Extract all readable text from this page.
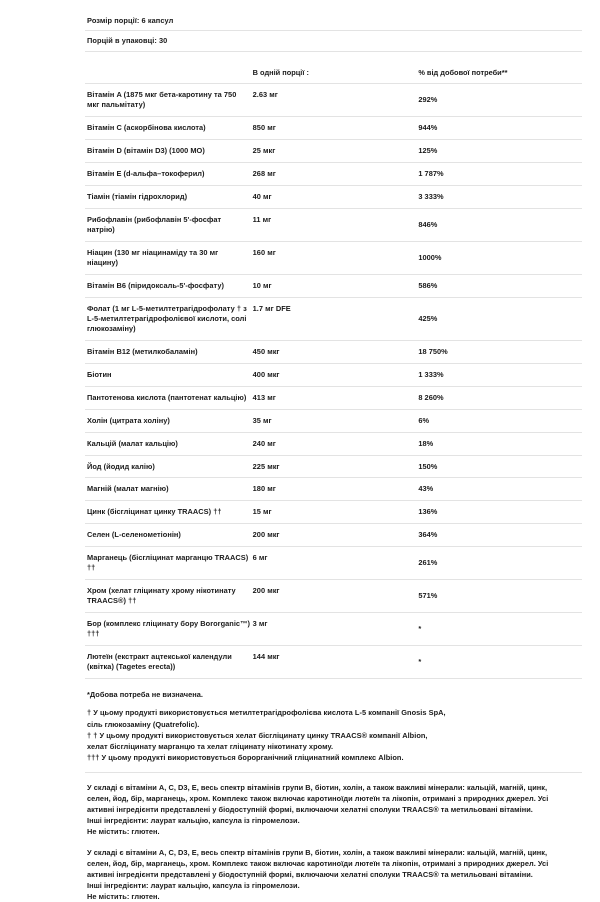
Розмір порції: 6 капсул		
Порцій в упаковці: 30		

	В одній порції :	% від добової потреби**
Вітамін A (1875 мкг бета-каротину та 750 мкг пальмітату)	2.63 мг	292%
Вітамін C (аскорбінова кислота)	850 мг	944%
Вітамін D (вітамін D3) (1000 МО)	25 мкг	125%
Вітамін E (d-альфа–токоферил)	268 мг	1 787%
Тіамін (тіамін гідрохлорид)	40 мг	3 333%
Рибофлавін (рибофлавін 5'-фосфат натрію)	11 мг	846%
Ніацин (130 мг ніацинаміду та 30 мг ніацину)	160 мг	1000%
Вітамін B6 (піридоксаль-5'-фосфату)	10 мг	586%
Фолат (1 мг L-5-метилтетрагідрофолату † з L-5-метилтетрагідрофолієвої кислоти, солі глюкозаміну)	1.7 мг DFE	425%
Вітамін B12 (метилкобаламін)	450 мкг	18 750%
Біотин	400 мкг	1 333%
Пантотенова кислота (пантотенат кальцію)	413 мг	8 260%
Холін (цитрата холіну)	35 мг	6%
Кальцій (малат кальцію)	240 мг	18%
Йод (йодид калію)	225 мкг	150%
Магній (малат магнію)	180 мг	43%
Цинк (бісгліцинат цинку TRAACS) ††	15 мг	136%
Селен (L-селенометіонін)	200 мкг	364%
Марганець (бісгліцинат марганцю TRAACS) ††	6 мг	261%
Хром (хелат гліцинату хрому нікотинату TRAACS®) ††	200 мкг	571%
Бор (комплекс гліцинату бору Bororganic™) †††	3 мг	*
Лютеїн (екстракт ацтекської календули (квітка) (Tagetes erecta))	144 мкг	*
*Добова потреба не визначена.
† У цьому продукті використовується метилтетрагідрофолієва кислота L-5 компанії Gnosis SpA,
сіль глюкозаміну (Quatrefolic).
† † У цьому продукті використовується хелат бісгліцинату цинку TRAACS® компанії Albion,
хелат бісгліцинату марганцю та хелат гліцинату нікотинату хрому.
††† У цьому продукті використовується борорганічний гліцинатний комплекс Albion.
У складі є вітаміни А, С, D3, Е, весь спектр вітамінів групи В, біотин, холін, а також важливі мінерали: кальцій, магній, цинк,
селен, йод, бір, марганець, хром. Комплекс також включає каротиноїди лютеїн та лікопін, отримані з природних джерел. Усі
активні інгредієнти представлені у біодоступній формі, включаючи хелатні сполуки TRAACS® та метильовані вітаміни.
Інші інгредієнти: лаурат кальцію, капсула із гіпромелози.
Не містить: глютен.
У складі є вітаміни А, С, D3, Е, весь спектр вітамінів групи В, біотин, холін, а також важливі мінерали: кальцій, магній, цинк,
селен, йод, бір, марганець, хром. Комплекс також включає каротиноїди лютеїн та лікопін, отримані з природних джерел. Усі
активні інгредієнти представлені у біодоступній формі, включаючи хелатні сполуки TRAACS® та метильовані вітаміни.
Інші інгредієнти: лаурат кальцію, капсула із гіпромелози.
Не містить: глютен.
